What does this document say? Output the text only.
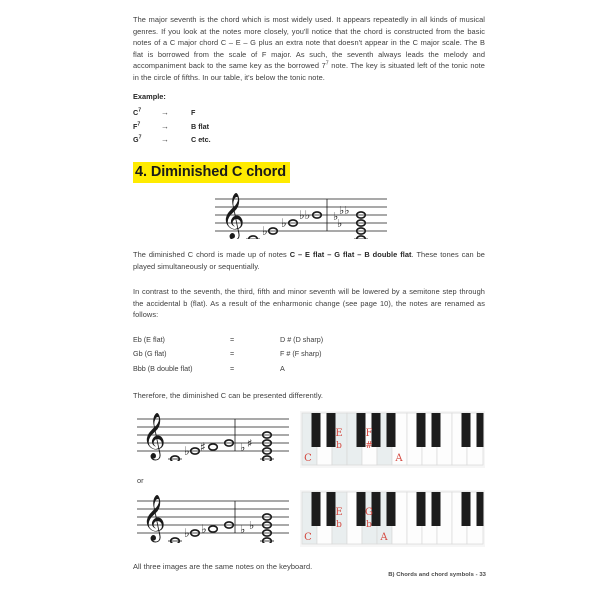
The major seventh is the chord which is most widely used. It appears repeatedly in all kinds of musical genres. If you look at the notes more closely, you'll notice that the chord is constructed from the basic notes of a C major chord C – E – G plus an extra note that doesn't appear in the C major scale. The B flat is borrowed from the scale of F major. As such, the seventh always leads the melody and accompaniment back to the same key as the borrowed $7^7$ note. The key is situated left of the tonic note in the circle of fifths. In our table, it's below the tonic note.

Example:
$C^7$	→	F
$F^7$	→	B flat
$G^7$	→	C etc.
4. Diminished C chord
𝄞 ♭
♭
♭♭ ♭ ♭♭
♭

The diminished C chord is made up of notes C – E flat – G flat – B double flat. These tones can be played simultaneously or sequentially.

In contrast to the seventh, the third, fifth and minor seventh will be lowered by a semitone step through the accidental b (flat). As a result of the enharmonic change (see page 10), the notes are renamed as follows:

Eb (E flat)	=	D # (D sharp)
Gb (G flat)	=	F # (F sharp)
Bbb (B double flat)	=	A

Therefore, the diminished C can be presented differently.

𝄞 ♭ ♯	♭ ♯
C
E
b
F
#
A
or
𝄞 ♭ ♭	♭ ♭
C
E
b
G
b
A

All three images are the same notes on the keyboard.

B) Chords and chord symbols - 33
